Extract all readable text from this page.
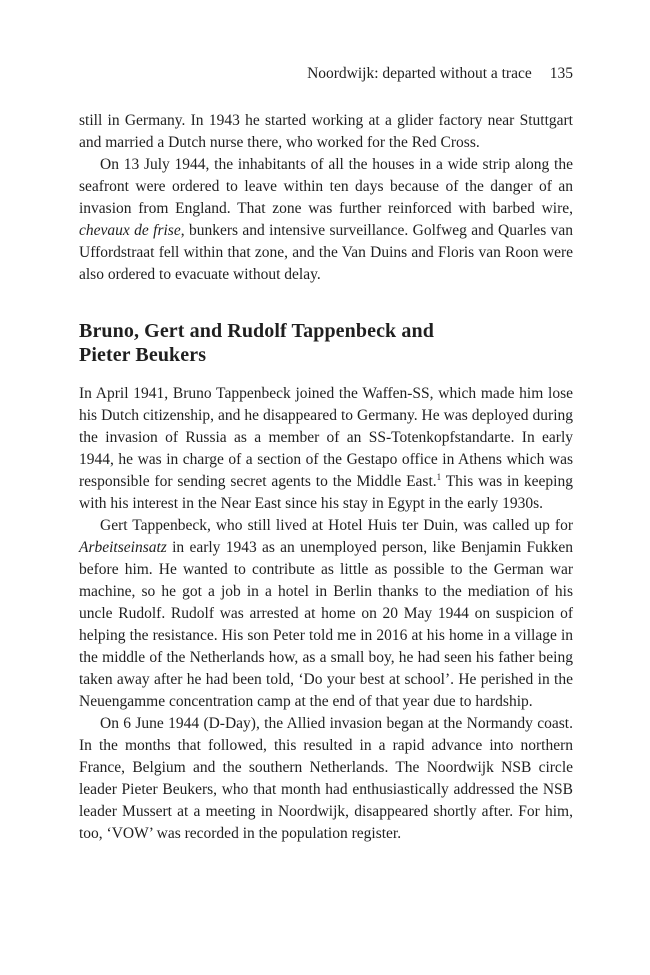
Noordwijk: departed without a trace 135

still in Germany. In 1943 he started working at a glider factory near Stuttgart and married a Dutch nurse there, who worked for the Red Cross.

On 13 July 1944, the inhabitants of all the houses in a wide strip along the seafront were ordered to leave within ten days because of the danger of an invasion from England. That zone was further reinforced with barbed wire, chevaux de frise, bunkers and intensive surveillance. Golfweg and Quarles van Uffordstraat fell within that zone, and the Van Duins and Floris van Roon were also ordered to evacuate without delay.

Bruno, Gert and Rudolf Tappenbeck and
Pieter Beukers

In April 1941, Bruno Tappenbeck joined the Waffen-SS, which made him lose his Dutch citizenship, and he disappeared to Germany. He was deployed during the invasion of Russia as a member of an SS-Totenkopfstandarte. In early 1944, he was in charge of a section of the Gestapo office in Athens which was responsible for sending secret agents to the Middle East.$^1$ This was in keeping with his interest in the Near East since his stay in Egypt in the early 1930s.

Gert Tappenbeck, who still lived at Hotel Huis ter Duin, was called up for Arbeitseinsatz in early 1943 as an unemployed person, like Benjamin Fukken before him. He wanted to contribute as little as possible to the German war machine, so he got a job in a hotel in Berlin thanks to the mediation of his uncle Rudolf. Rudolf was arrested at home on 20 May 1944 on suspicion of helping the resistance. His son Peter told me in 2016 at his home in a village in the middle of the Netherlands how, as a small boy, he had seen his father being taken away after he had been told, ‘Do your best at school’. He perished in the Neuengamme concentration camp at the end of that year due to hardship.

On 6 June 1944 (D-Day), the Allied invasion began at the Normandy coast. In the months that followed, this resulted in a rapid advance into northern France, Belgium and the southern Netherlands. The Noordwijk NSB circle leader Pieter Beukers, who that month had enthusiastically addressed the NSB leader Mussert at a meeting in Noordwijk, disappeared shortly after. For him, too, ‘VOW’ was recorded in the population register.
